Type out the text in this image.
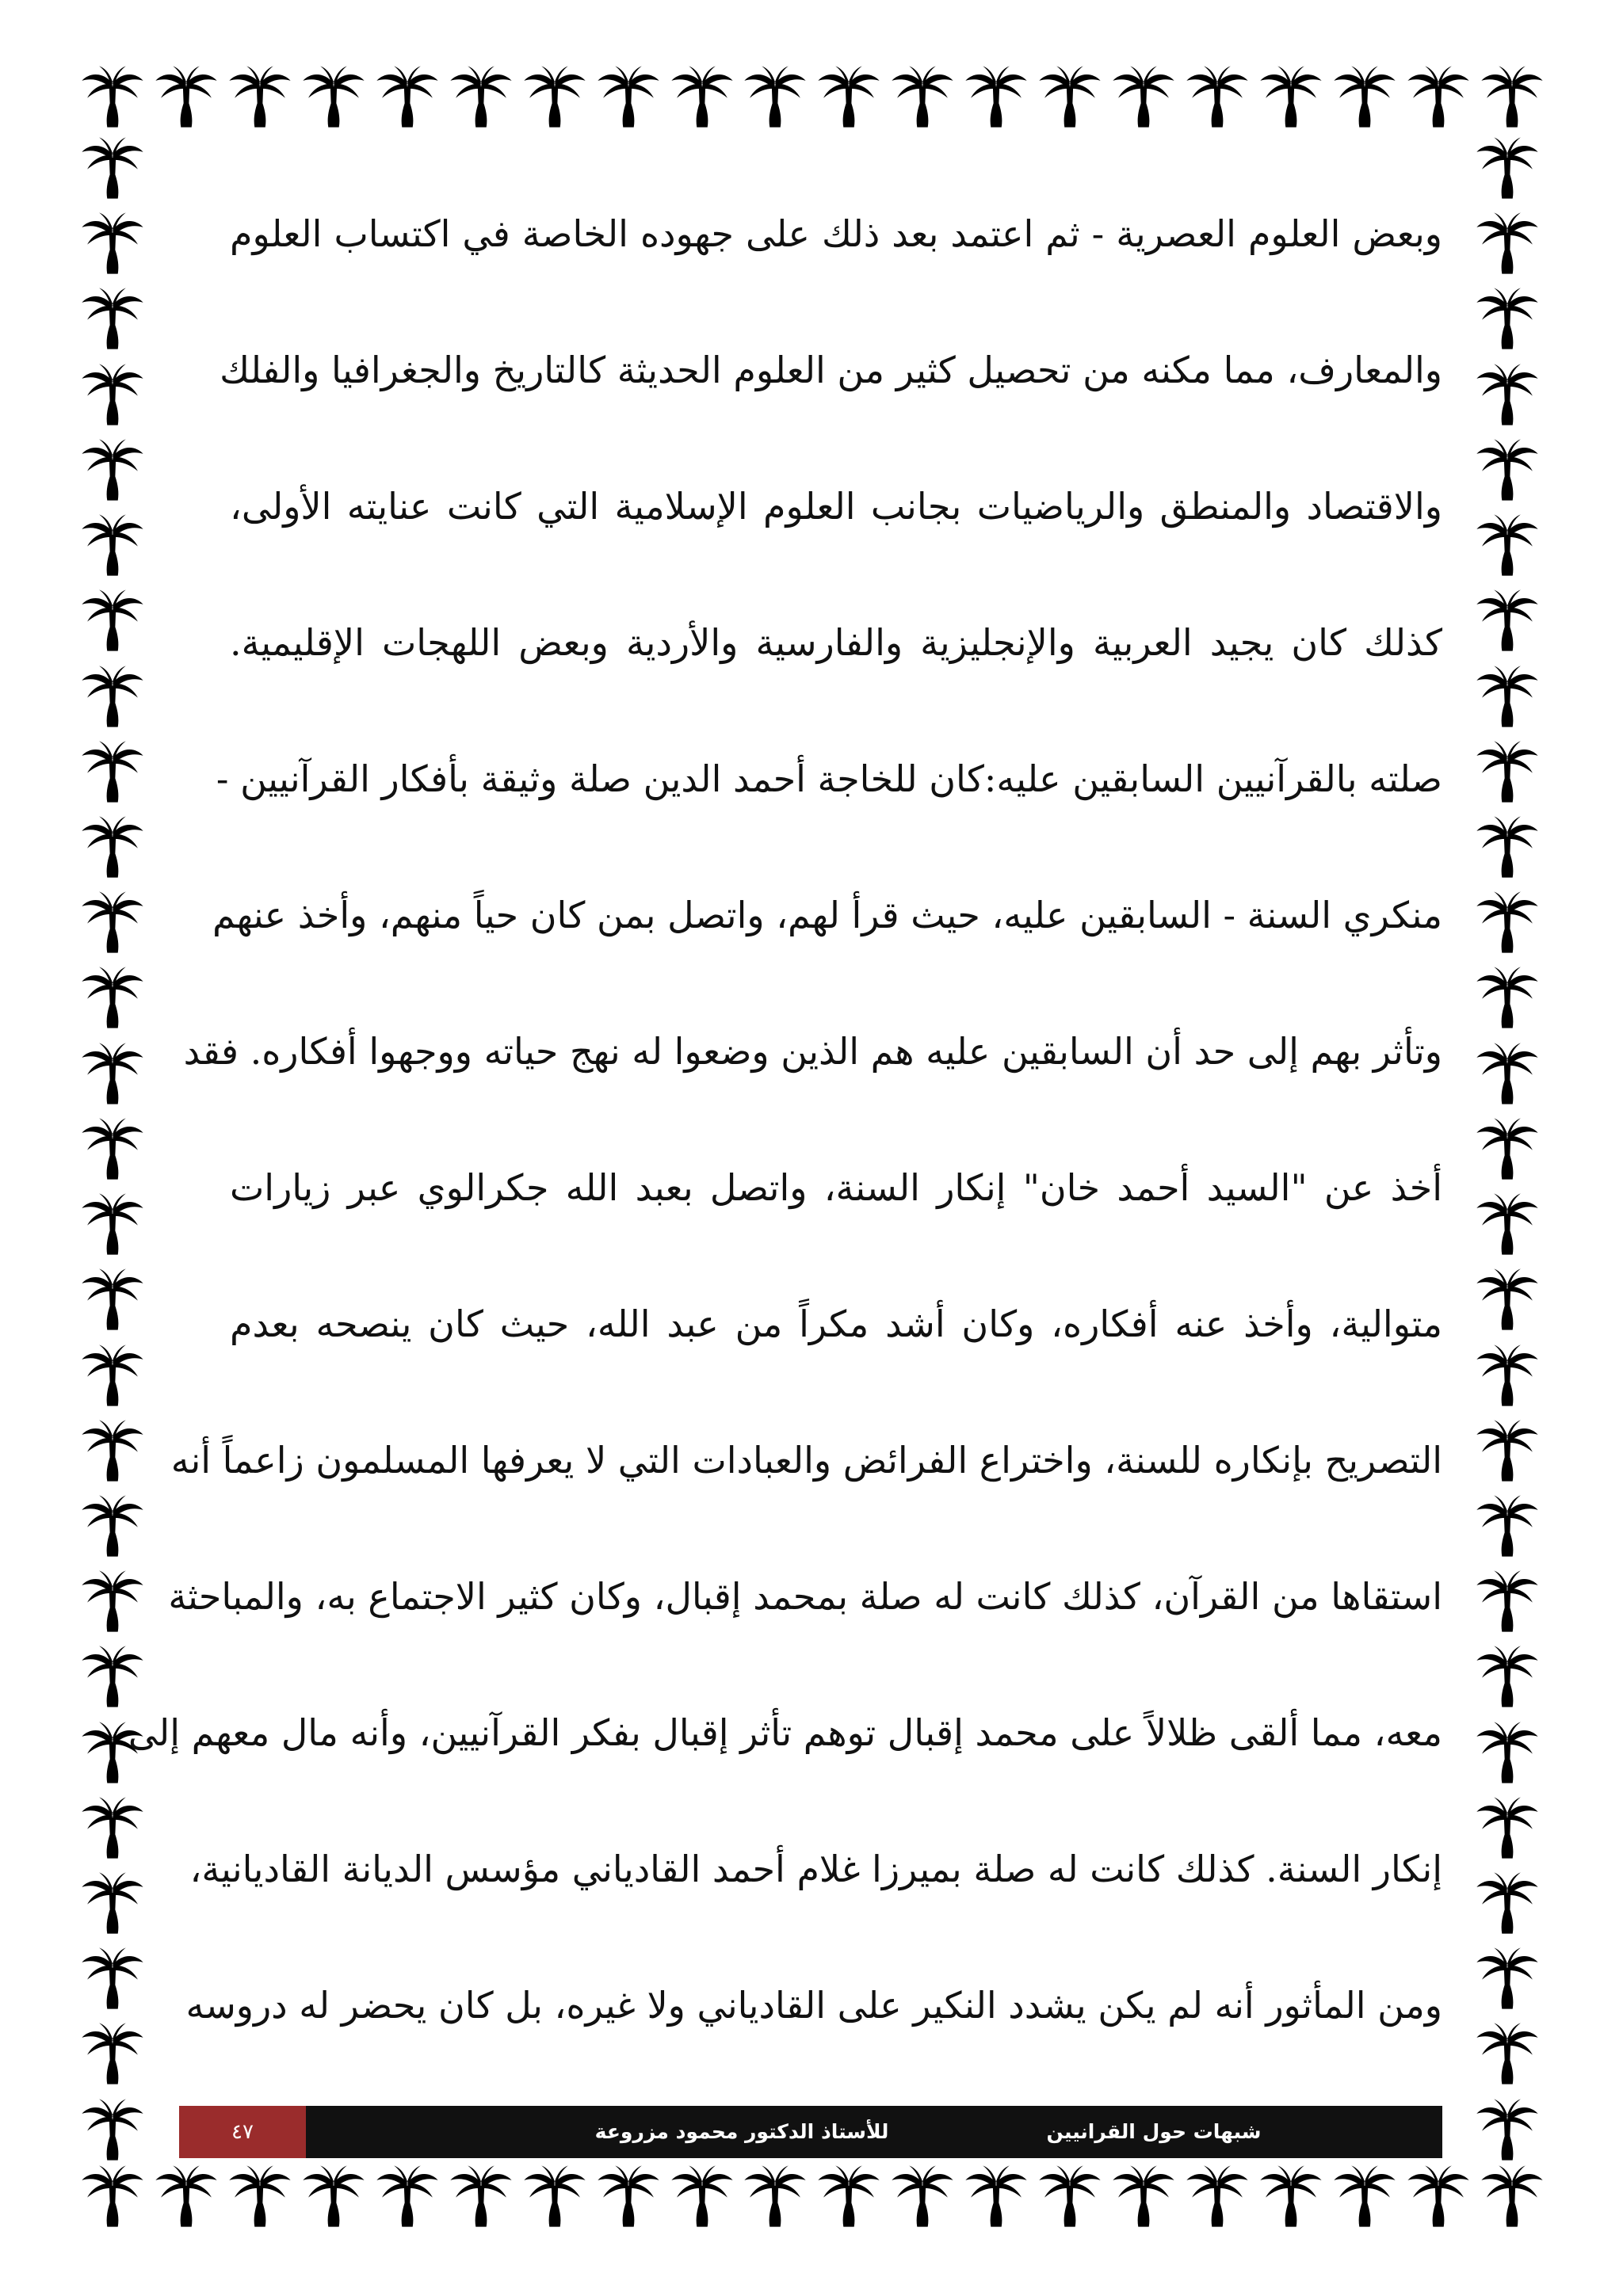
وبعض العلوم العصرية - ثم اعتمد بعد ذلك على جهوده الخاصة في اكتساب العلوم
والمعارف، مما مكنه من تحصيل كثير من العلوم الحديثة كالتاريخ والجغرافيا والفلك
والاقتصاد والمنطق والرياضيات بجانب العلوم الإسلامية التي كانت عنايته الأولى،
كذلك كان يجيد العربية والإنجليزية والفارسية والأردية وبعض اللهجات الإقليمية.
صلته بالقرآنيين السابقين عليه:كان للخاجة أحمد الدين صلة وثيقة بأفكار القرآنيين -
منكري السنة - السابقين عليه، حيث قرأ لهم، واتصل بمن كان حياً منهم، وأخذ عنهم
وتأثر بهم إلى حد أن السابقين عليه هم الذين وضعوا له نهج حياته ووجهوا أفكاره. فقد
أخذ عن "السيد أحمد خان" إنكار السنة، واتصل بعبد الله جكرالوي عبر زيارات
متوالية، وأخذ عنه أفكاره، وكان أشد مكراً من عبد الله، حيث كان ينصحه بعدم
التصريح بإنكاره للسنة، واختراع الفرائض والعبادات التي لا يعرفها المسلمون زاعماً أنه
استقاها من القرآن، كذلك كانت له صلة بمحمد إقبال، وكان كثير الاجتماع به، والمباحثة
معه، مما ألقى ظلالاً على محمد إقبال توهم تأثر إقبال بفكر القرآنيين، وأنه مال معهم إلى
إنكار السنة. كذلك كانت له صلة بميرزا غلام أحمد القادياني مؤسس الديانة القاديانية،
ومن المأثور أنه لم يكن يشدد النكير على القادياني ولا غيره، بل كان يحضر له دروسه
٤٧	للأستاذ الدكتور محمود مزروعة	شبهات حول القرانيين
